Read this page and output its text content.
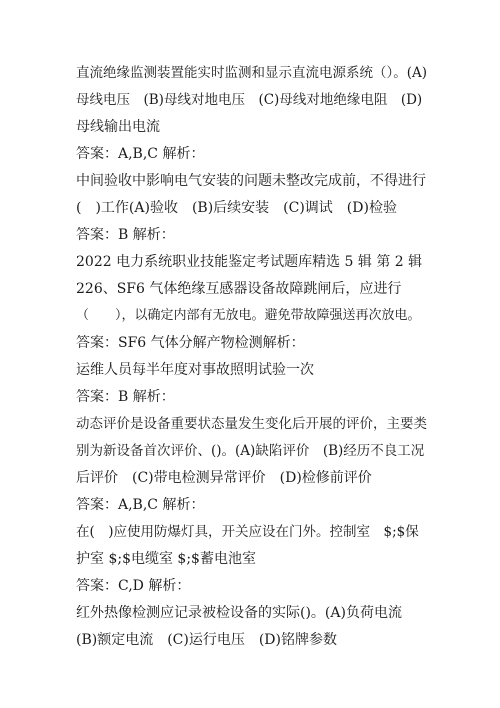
直流绝缘监测装置能实时监测和显示直流电源系统（）。(A)
母线电压　(B)母线对地电压　(C)母线对地绝缘电阻　(D)
母线输出电流
答案：A,B,C 解析：
中间验收中影响电气安装的问题未整改完成前，不得进行
(　)工作(A)验收　(B)后续安装　(C)调试　(D)检验
答案：B 解析：
2022 电力系统职业技能鉴定考试题库精选 5 辑 第 2 辑
226、SF6 气体绝缘互感器设备故障跳闸后，应进行
（　　），以确定内部有无放电。避免带故障强送再次放电。
答案：SF6 气体分解产物检测解析：
运维人员每半年度对事故照明试验一次
答案：B 解析：
动态评价是设备重要状态量发生变化后开展的评价，主要类
别为新设备首次评价、()。(A)缺陷评价　(B)经历不良工况
后评价　(C)带电检测异常评价　(D)检修前评价
答案：A,B,C 解析：
在(　)应使用防爆灯具，开关应设在门外。控制室　$;$保
护室 $;$电缆室 $;$蓄电池室
答案：C,D 解析：
红外热像检测应记录被检设备的实际()。(A)负荷电流
(B)额定电流　(C)运行电压　(D)铭牌参数
